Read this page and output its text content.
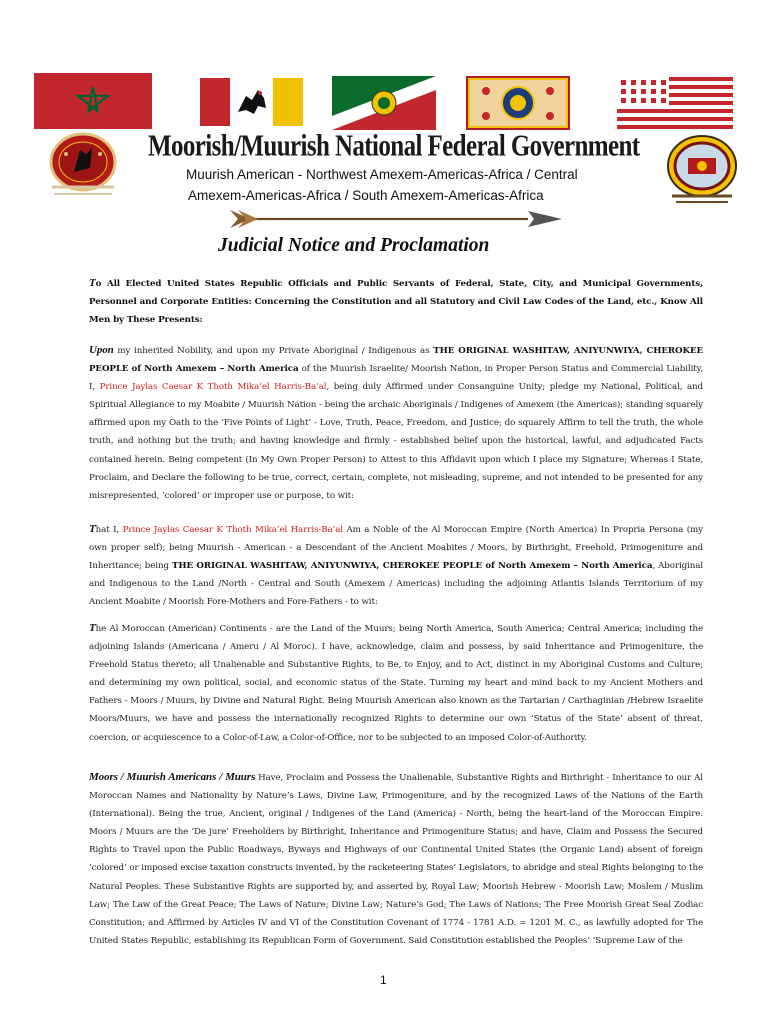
Moorish/Muurish National Federal Government
Muurish American - Northwest Amexem-Americas-Africa / Central
Amexem-Americas-Africa / South Amexem-Americas-Africa
Judicial Notice and Proclamation
To All Elected United States Republic Officials and Public Servants of Federal, State, City, and Municipal Governments, Personnel and Corporate Entities: Concerning the Constitution and all Statutory and Civil Law Codes of the Land, etc., Know All Men by These Presents:
Upon my inherited Nobility, and upon my Private Aboriginal / Indigenous as THE ORIGINAL WASHITAW, ANIYUNWIYA, CHEROKEE PEOPLE of North Amexem – North America of the Muurish Israelite/ Moorish Nation, in Proper Person Status and Commercial Liability, I, Prince Jaylas Caesar K Thoth Mika’el Harris-Ba’al, being duly Affirmed under Consanguine Unity; pledge my National, Political, and Spiritual Allegiance to my Moabite / Muurish Nation - being the archaic Aboriginals / Indigenes of Amexem (the Americas); standing squarely affirmed upon my Oath to the ‘Five Points of Light’ - Love, Truth, Peace, Freedom, and Justice; do squarely Affirm to tell the truth, the whole truth, and nothing but the truth; and having knowledge and firmly - established belief upon the historical, lawful, and adjudicated Facts contained herein. Being competent (In My Own Proper Person) to Attest to this Affidavit upon which I place my Signature; Whereas I State, Proclaim, and Declare the following to be true, correct, certain, complete, not misleading, supreme, and not intended to be presented for any misrepresented, ‘colored’ or improper use or purpose, to wit:
That I, Prince Jaylas Caesar K Thoth Mika’el Harris-Ba’al Am a Noble of the Al Moroccan Empire (North America) In Propria Persona (my own proper self); being Muurish - American - a Descendant of the Ancient Moabites / Moors, by Birthright, Freehold, Primogeniture and Inheritance; being THE ORIGINAL WASHITAW, ANIYUNWIYA, CHEROKEE PEOPLE of North Amexem – North America, Aboriginal and Indigenous to the Land /North - Central and South (Amexem / Americas) including the adjoining Atlantis Islands Territorium of my Ancient Moabite / Moorish Fore-Mothers and Fore-Fathers - to wit:
The Al Moroccan (American) Continents - are the Land of the Muurs; being North America, South America; Central America; including the adjoining Islands (Americana / Ameru / Al Moroc). I have, acknowledge, claim and possess, by said Inheritance and Primogeniture, the Freehold Status thereto; all Unalienable and Substantive Rights, to Be, to Enjoy, and to Act, distinct in my Aboriginal Customs and Culture; and determining my own political, social, and economic status of the State. Turning my heart and mind back to my Ancient Mothers and Fathers - Moors / Muurs, by Divine and Natural Right. Being Muurish American also known as the Tartarian / Carthaginian /Hebrew Israelite Moors/Muurs, we have and possess the internationally recognized Rights to determine our own ‘Status of the State’ absent of threat, coercion, or acquiescence to a Color-of-Law, a Color-of-Office, nor to be subjected to an imposed Color-of-Authority.
Moors / Muurish Americans / Muurs Have, Proclaim and Possess the Unalienable, Substantive Rights and Birthright - Inheritance to our Al Moroccan Names and Nationality by Nature’s Laws, Divine Law, Primogeniture, and by the recognized Laws of the Nations of the Earth (International). Being the true, Ancient, original / Indigenes of the Land (America) - North, being the heart-land of the Moroccan Empire. Moors / Muurs are the ‘De jure’ Freeholders by Birthright, Inheritance and Primogeniture Status; and have, Claim and Possess the Secured Rights to Travel upon the Public Roadways, Byways and Highways of our Continental United States (the Organic Land) absent of foreign ‘colored’ or imposed excise taxation constructs invented, by the racketeering States’ Legislators, to abridge and steal Rights belonging to the Natural Peoples. These Substantive Rights are supported by, and asserted by, Royal Law; Moorish Hebrew - Moorish Law; Moslem / Muslim Law; The Law of the Great Peace; The Laws of Nature; Divine Law; Nature’s God; The Laws of Nations; The Free Moorish Great Seal Zodiac Constitution; and Affirmed by Articles IV and VI of the Constitution Covenant of 1774 - 1781 A.D. = 1201 M. C., as lawfully adopted for The United States Republic, establishing its Republican Form of Government. Said Constitution established the Peoples’ ‘Supreme Law of the
1
